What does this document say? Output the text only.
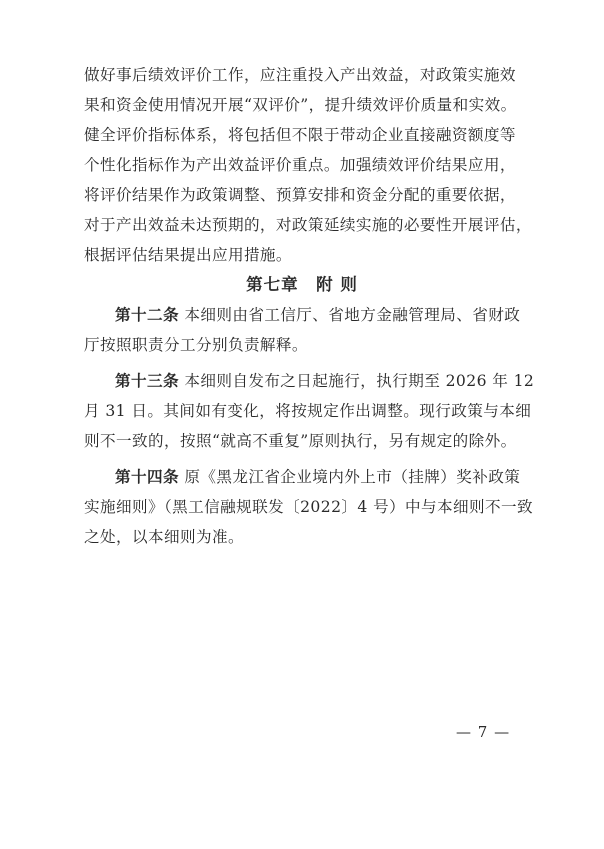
做好事后绩效评价工作，应注重投入产出效益，对政策实施效
果和资金使用情况开展“双评价”，提升绩效评价质量和实效。
健全评价指标体系，将包括但不限于带动企业直接融资额度等
个性化指标作为产出效益评价重点。加强绩效评价结果应用，
将评价结果作为政策调整、预算安排和资金分配的重要依据，
对于产出效益未达预期的，对政策延续实施的必要性开展评估，
根据评估结果提出应用措施。
第七章　附 则
第十二条 本细则由省工信厅、省地方金融管理局、省财政
厅按照职责分工分别负责解释。
第十三条 本细则自发布之日起施行，执行期至 2026 年 12
月 31 日。其间如有变化，将按规定作出调整。现行政策与本细
则不一致的，按照“就高不重复”原则执行，另有规定的除外。
第十四条 原《黑龙江省企业境内外上市（挂牌）奖补政策
实施细则》（黑工信融规联发〔2022〕4 号）中与本细则不一致
之处，以本细则为准。
— 7 —
